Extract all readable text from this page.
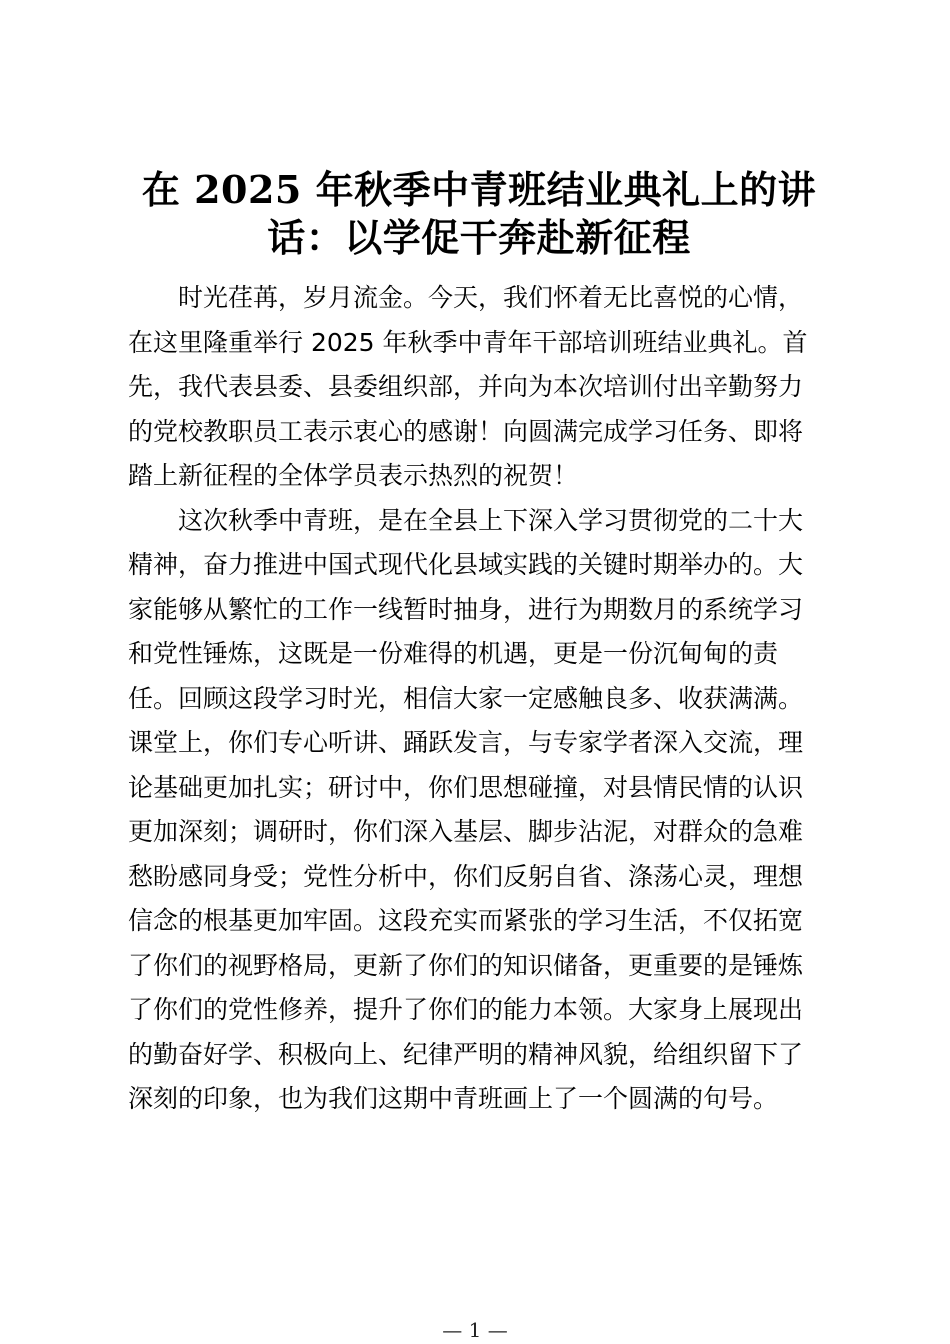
在 2025 年秋季中青班结业典礼上的讲
话：以学促干奔赴新征程

时光荏苒，岁月流金。今天，我们怀着无比喜悦的心情，
在这里隆重举行 2025 年秋季中青年干部培训班结业典礼。首
先，我代表县委、县委组织部，并向为本次培训付出辛勤努力
的党校教职员工表示衷心的感谢！向圆满完成学习任务、即将
踏上新征程的全体学员表示热烈的祝贺！

这次秋季中青班，是在全县上下深入学习贯彻党的二十大
精神，奋力推进中国式现代化县域实践的关键时期举办的。大
家能够从繁忙的工作一线暂时抽身，进行为期数月的系统学习
和党性锤炼，这既是一份难得的机遇，更是一份沉甸甸的责
任。回顾这段学习时光，相信大家一定感触良多、收获满满。
课堂上，你们专心听讲、踊跃发言，与专家学者深入交流，理
论基础更加扎实；研讨中，你们思想碰撞，对县情民情的认识
更加深刻；调研时，你们深入基层、脚步沾泥，对群众的急难
愁盼感同身受；党性分析中，你们反躬自省、涤荡心灵，理想
信念的根基更加牢固。这段充实而紧张的学习生活，不仅拓宽
了你们的视野格局，更新了你们的知识储备，更重要的是锤炼
了你们的党性修养，提升了你们的能力本领。大家身上展现出
的勤奋好学、积极向上、纪律严明的精神风貌，给组织留下了
深刻的印象，也为我们这期中青班画上了一个圆满的句号。

— 1 —
